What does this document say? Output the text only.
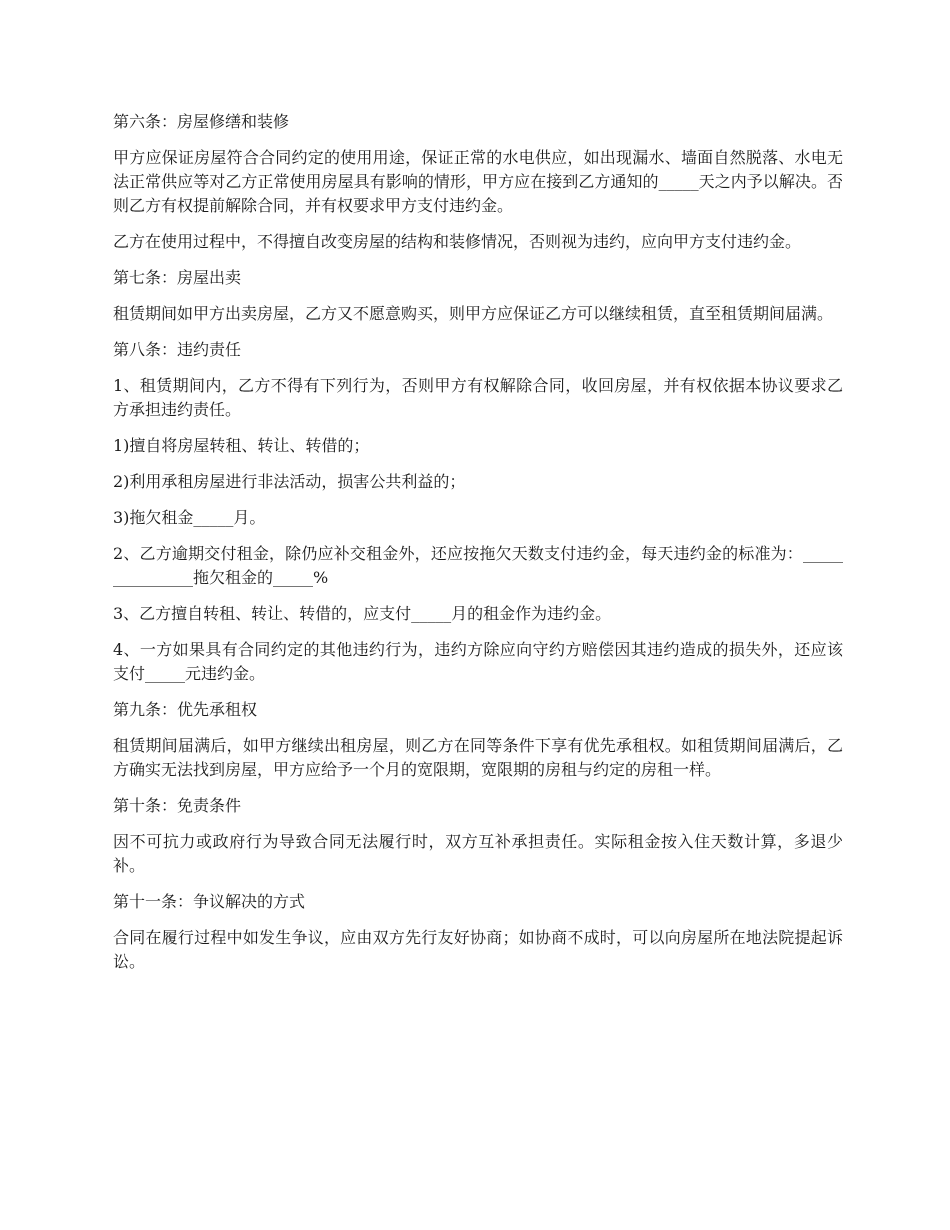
第六条：房屋修缮和装修

甲方应保证房屋符合合同约定的使用用途，保证正常的水电供应，如出现漏水、墙面自然脱落、水电无法正常供应等对乙方正常使用房屋具有影响的情形，甲方应在接到乙方通知的_____天之内予以解决。否则乙方有权提前解除合同，并有权要求甲方支付违约金。

乙方在使用过程中，不得擅自改变房屋的结构和装修情况，否则视为违约，应向甲方支付违约金。

第七条：房屋出卖

租赁期间如甲方出卖房屋，乙方又不愿意购买，则甲方应保证乙方可以继续租赁，直至租赁期间届满。

第八条：违约责任

1、租赁期间内，乙方不得有下列行为，否则甲方有权解除合同，收回房屋，并有权依据本协议要求乙方承担违约责任。

1)擅自将房屋转租、转让、转借的；

2)利用承租房屋进行非法活动，损害公共利益的；

3)拖欠租金_____月。

2、乙方逾期交付租金，除仍应补交租金外，还应按拖欠天数支付违约金，每天违约金的标准为：_______________拖欠租金的_____%

3、乙方擅自转租、转让、转借的，应支付_____月的租金作为违约金。

4、一方如果具有合同约定的其他违约行为，违约方除应向守约方赔偿因其违约造成的损失外，还应该支付_____元违约金。

第九条：优先承租权

租赁期间届满后，如甲方继续出租房屋，则乙方在同等条件下享有优先承租权。如租赁期间届满后，乙方确实无法找到房屋，甲方应给予一个月的宽限期，宽限期的房租与约定的房租一样。

第十条：免责条件

因不可抗力或政府行为导致合同无法履行时，双方互补承担责任。实际租金按入住天数计算，多退少补。

第十一条：争议解决的方式

合同在履行过程中如发生争议，应由双方先行友好协商；如协商不成时，可以向房屋所在地法院提起诉讼。
